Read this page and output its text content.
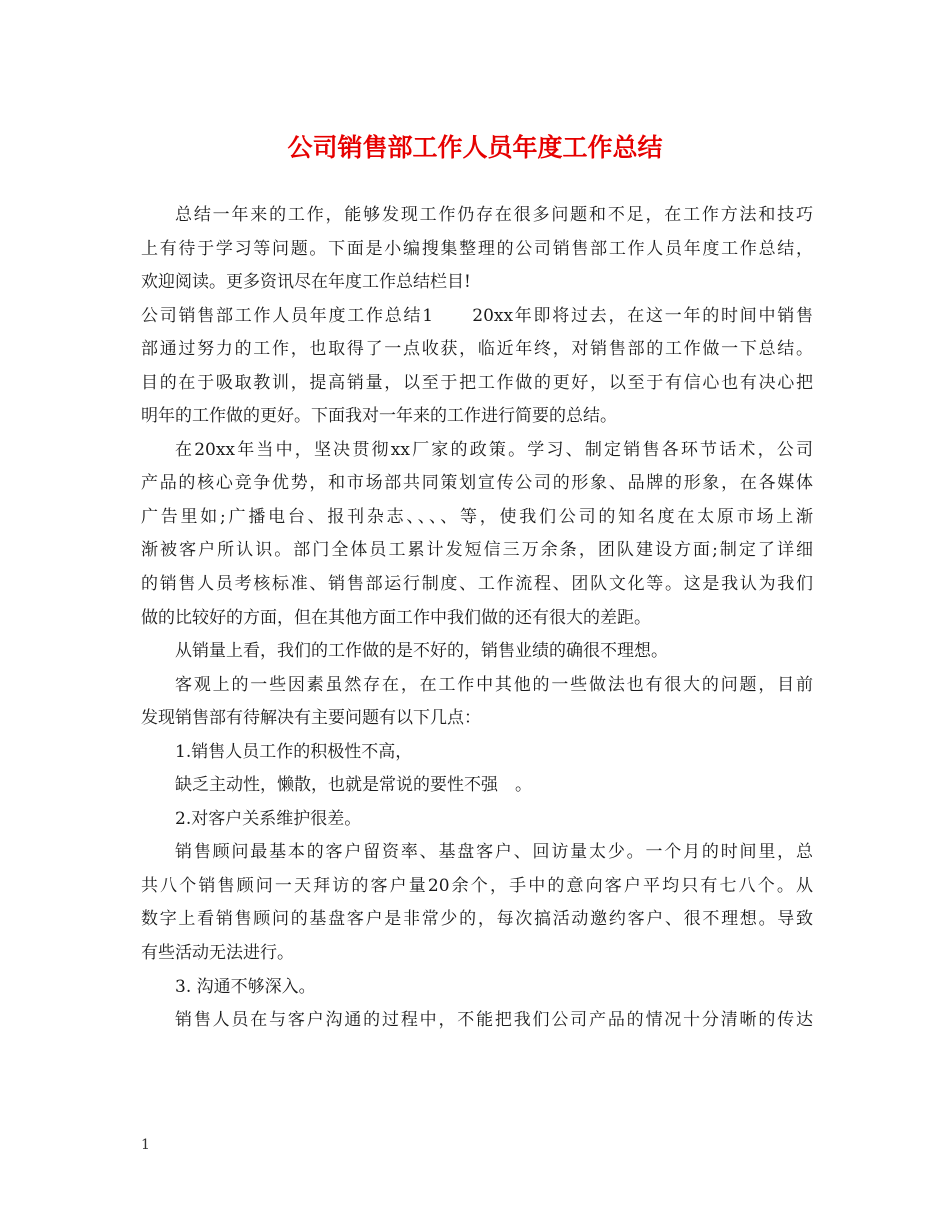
公司销售部工作人员年度工作总结
总结一年来的工作，能够发现工作仍存在很多问题和不足，在工作方法和技巧
上有待于学习等问题。下面是小编搜集整理的公司销售部工作人员年度工作总结，
欢迎阅读。更多资讯尽在年度工作总结栏目!
公司销售部工作人员年度工作总结1　　20xx年即将过去，在这一年的时间中销售
部通过努力的工作，也取得了一点收获，临近年终，对销售部的工作做一下总结。
目的在于吸取教训，提高销量，以至于把工作做的更好，以至于有信心也有决心把
明年的工作做的更好。下面我对一年来的工作进行简要的总结。
在20xx年当中，坚决贯彻xx厂家的政策。学习、制定销售各环节话术，公司
产品的核心竞争优势，和市场部共同策划宣传公司的形象、品牌的形象，在各媒体
广告里如;广播电台、报刊杂志、、、、等，使我们公司的知名度在太原市场上渐
渐被客户所认识。部门全体员工累计发短信三万余条，团队建设方面;制定了详细
的销售人员考核标准、销售部运行制度、工作流程、团队文化等。这是我认为我们
做的比较好的方面，但在其他方面工作中我们做的还有很大的差距。
从销量上看，我们的工作做的是不好的，销售业绩的确很不理想。
客观上的一些因素虽然存在，在工作中其他的一些做法也有很大的问题，目前
发现销售部有待解决有主要问题有以下几点：
1.销售人员工作的积极性不高，
缺乏主动性，懒散，也就是常说的要性不强　。
2.对客户关系维护很差。
销售顾问最基本的客户留资率、基盘客户、回访量太少。一个月的时间里，总
共八个销售顾问一天拜访的客户量20余个，手中的意向客户平均只有七八个。从
数字上看销售顾问的基盘客户是非常少的，每次搞活动邀约客户、很不理想。导致
有些活动无法进行。
3. 沟通不够深入。
销售人员在与客户沟通的过程中，不能把我们公司产品的情况十分清晰的传达
1
